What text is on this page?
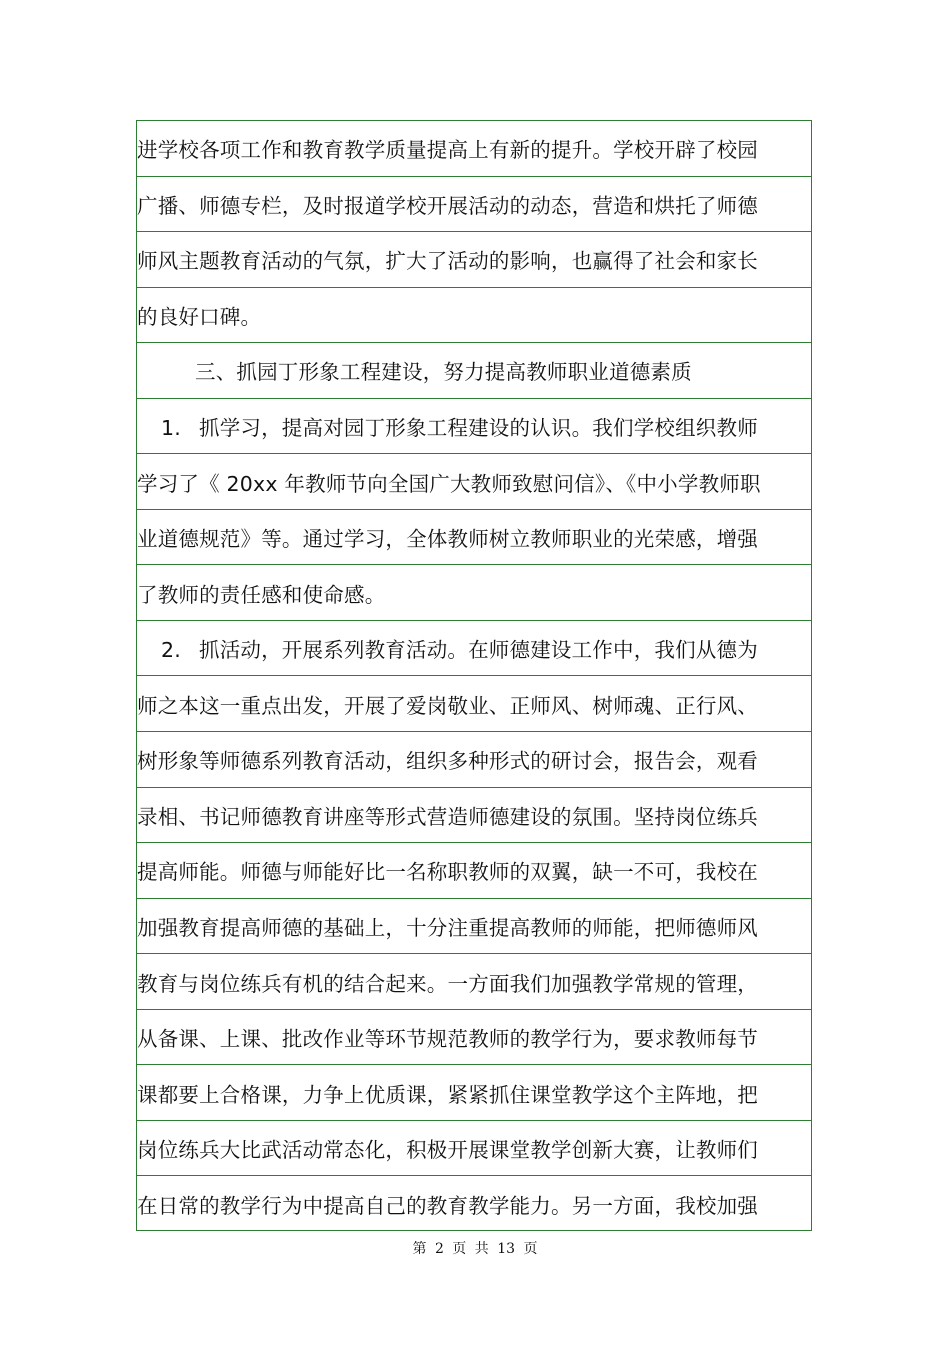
进学校各项工作和教育教学质量提高上有新的提升。学校开辟了校园
广播、师德专栏，及时报道学校开展活动的动态，营造和烘托了师德
师风主题教育活动的气氛，扩大了活动的影响，也赢得了社会和家长
的良好口碑。
三、抓园丁形象工程建设，努力提高教师职业道德素质
1. 抓学习，提高对园丁形象工程建设的认识。我们学校组织教师
学习了《 20xx 年教师节向全国广大教师致慰问信》、《中小学教师职
业道德规范》等。通过学习，全体教师树立教师职业的光荣感，增强
了教师的责任感和使命感。
2. 抓活动，开展系列教育活动。在师德建设工作中，我们从德为
师之本这一重点出发，开展了爱岗敬业、正师风、树师魂、正行风、
树形象等师德系列教育活动，组织多种形式的研讨会，报告会，观看
录相、书记师德教育讲座等形式营造师德建设的氛围。坚持岗位练兵
提高师能。师德与师能好比一名称职教师的双翼，缺一不可，我校在
加强教育提高师德的基础上，十分注重提高教师的师能，把师德师风
教育与岗位练兵有机的结合起来。一方面我们加强教学常规的管理，
从备课、上课、批改作业等环节规范教师的教学行为，要求教师每节
课都要上合格课，力争上优质课，紧紧抓住课堂教学这个主阵地，把
岗位练兵大比武活动常态化，积极开展课堂教学创新大赛，让教师们
在日常的教学行为中提高自己的教育教学能力。另一方面，我校加强
第 2 页 共 13 页
